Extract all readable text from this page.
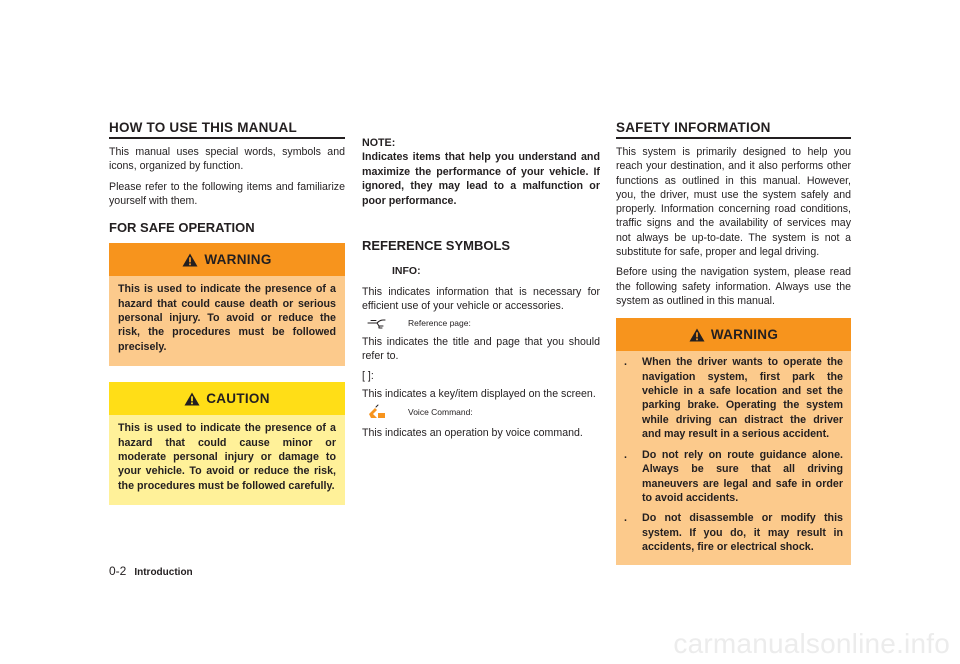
HOW TO USE THIS MANUAL

This manual uses special words, symbols and icons, organized by function.

Please refer to the following items and familiarize yourself with them.

FOR SAFE OPERATION
WARNING
This is used to indicate the presence of a hazard that could cause death or serious personal injury. To avoid or reduce the risk, the procedures must be followed precisely.
CAUTION
This is used to indicate the presence of a hazard that could cause minor or moderate personal injury or damage to your vehicle. To avoid or reduce the risk, the procedures must be followed carefully.
NOTE:

Indicates items that help you understand and maximize the performance of your vehicle. If ignored, they may lead to a malfunction or poor performance.

REFERENCE SYMBOLS
INFO:

This indicates information that is necessary for efficient use of your vehicle or accessories.

Reference page:

This indicates the title and page that you should refer to.

[ ]:

This indicates a key/item displayed on the screen.

Voice Command:

This indicates an operation by voice command.

SAFETY INFORMATION

This system is primarily designed to help you reach your destination, and it also performs other functions as outlined in this manual. However, you, the driver, must use the system safely and properly. Information concerning road conditions, traffic signs and the availability of services may not always be up-to-date. The system is not a substitute for safe, proper and legal driving.

Before using the navigation system, please read the following safety information. Always use the system as outlined in this manual.

WARNING
. When the driver wants to operate the navigation system, first park the vehicle in a safe location and set the parking brake. Operating the system while driving can distract the driver and may result in a serious accident.
. Do not rely on route guidance alone. Always be sure that all driving maneuvers are legal and safe in order to avoid accidents.
. Do not disassemble or modify this system. If you do, it may result in accidents, fire or electrical shock.
0-2 Introduction
carmanualsonline.info
